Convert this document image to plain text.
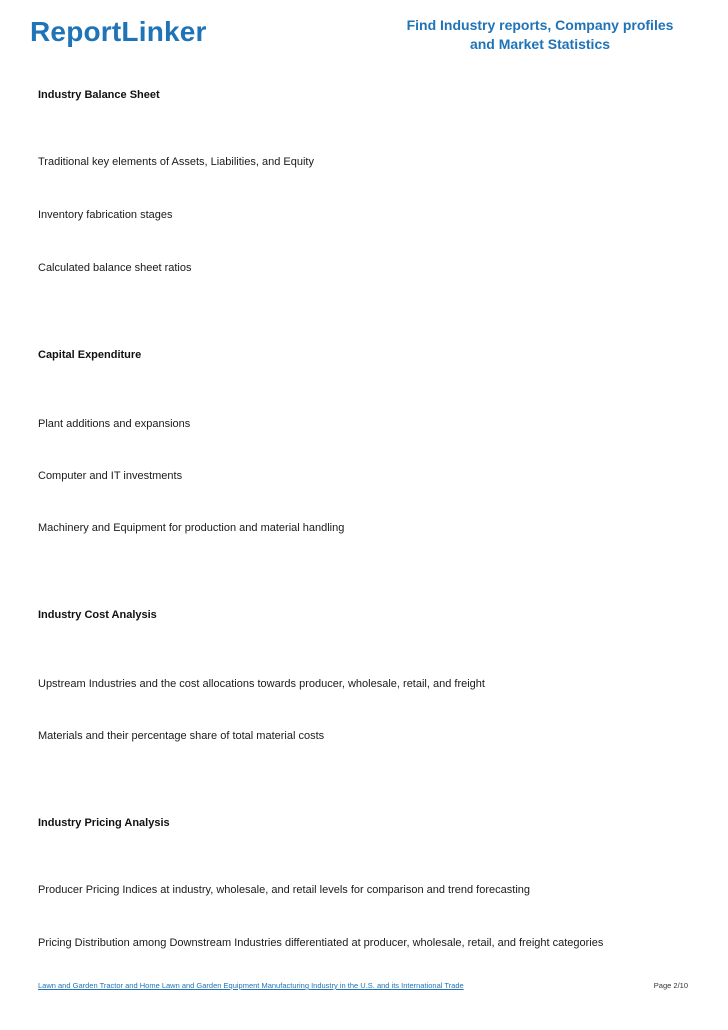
ReportLinker	Find Industry reports, Company profiles
and Market Statistics
Industry Balance Sheet
Traditional key elements of Assets, Liabilities, and Equity
Inventory fabrication stages
Calculated balance sheet ratios
Capital Expenditure
Plant additions and expansions
Computer and IT investments
Machinery and Equipment for production and material handling
Industry Cost Analysis
Upstream Industries and the cost allocations towards producer, wholesale, retail, and freight
Materials and their percentage share of total material costs
Industry Pricing Analysis
Producer Pricing Indices at industry, wholesale, and retail levels for comparison and trend forecasting
Pricing Distribution among Downstream Industries differentiated at producer, wholesale, retail, and freight categories
Lawn and Garden Tractor and Home Lawn and Garden Equipment Manufacturing Industry in the U.S. and its International Trade	Page 2/10
